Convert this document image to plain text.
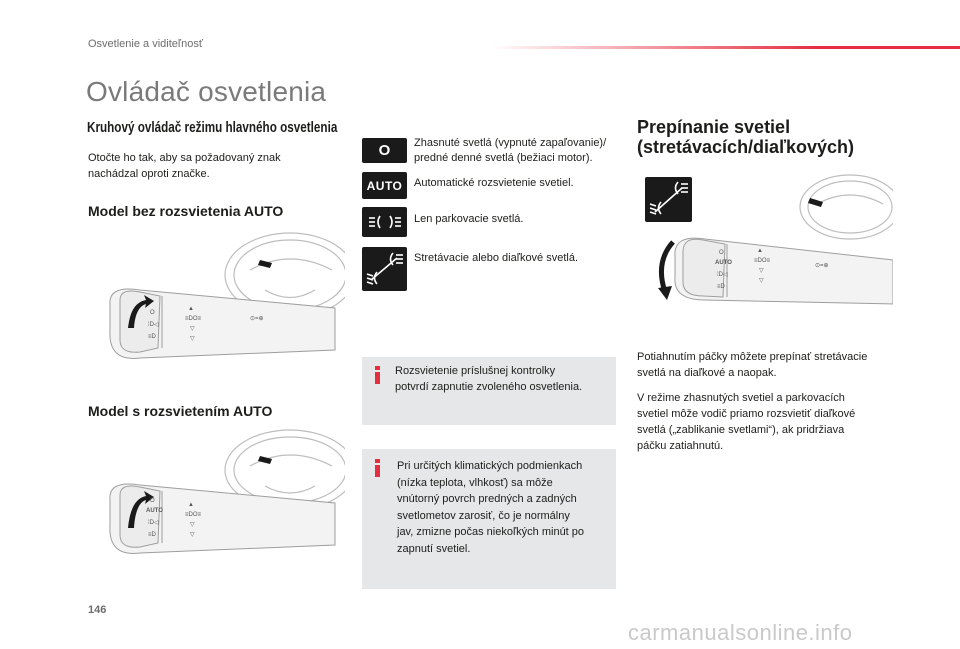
Osvetlenie a viditeľnosť
Ovládač osvetlenia
Kruhový ovládač režimu hlavného osvetlenia
Otočte ho tak, aby sa požadovaný znak
nachádzal oproti značke.
Model bez rozsvietenia AUTO
O
⁞D◁
≡D
▲
≡DO≡
▽
▽
⊙=⊕
Model s rozsvietením AUTO
O
AUTO
⁞D◁
≡D
▲
≡DO≡
▽
▽
O Zhasnuté svetlá (vypnuté zapaľovanie)/
predné denné svetlá (bežiaci motor).
AUTO Automatické rozsvietenie svetiel.
Len parkovacie svetlá.
Stretávacie alebo diaľkové svetlá.
Rozsvietenie príslušnej kontrolky
potvrdí zapnutie zvoleného osvetlenia.
Pri určitých klimatických podmienkach
(nízka teplota, vlhkosť) sa môže
vnútorný povrch predných a zadných
svetlometov zarosiť, čo je normálny
jav, zmizne počas niekoľkých minút po
zapnutí svetiel.
Prepínanie svetiel
(stretávacích/diaľkových)
O
AUTO
⁞D◁
≡D
▲
≡DO≡
▽
▽
⊙=⊕
Potiahnutím páčky môžete prepínať stretávacie
svetlá na diaľkové a naopak.
V režime zhasnutých svetiel a parkovacích
svetiel môže vodič priamo rozsvietiť diaľkové
svetlá („zablikanie svetlami“), ak pridržiava
páčku zatiahnutú.
146
carmanualsonline.info
